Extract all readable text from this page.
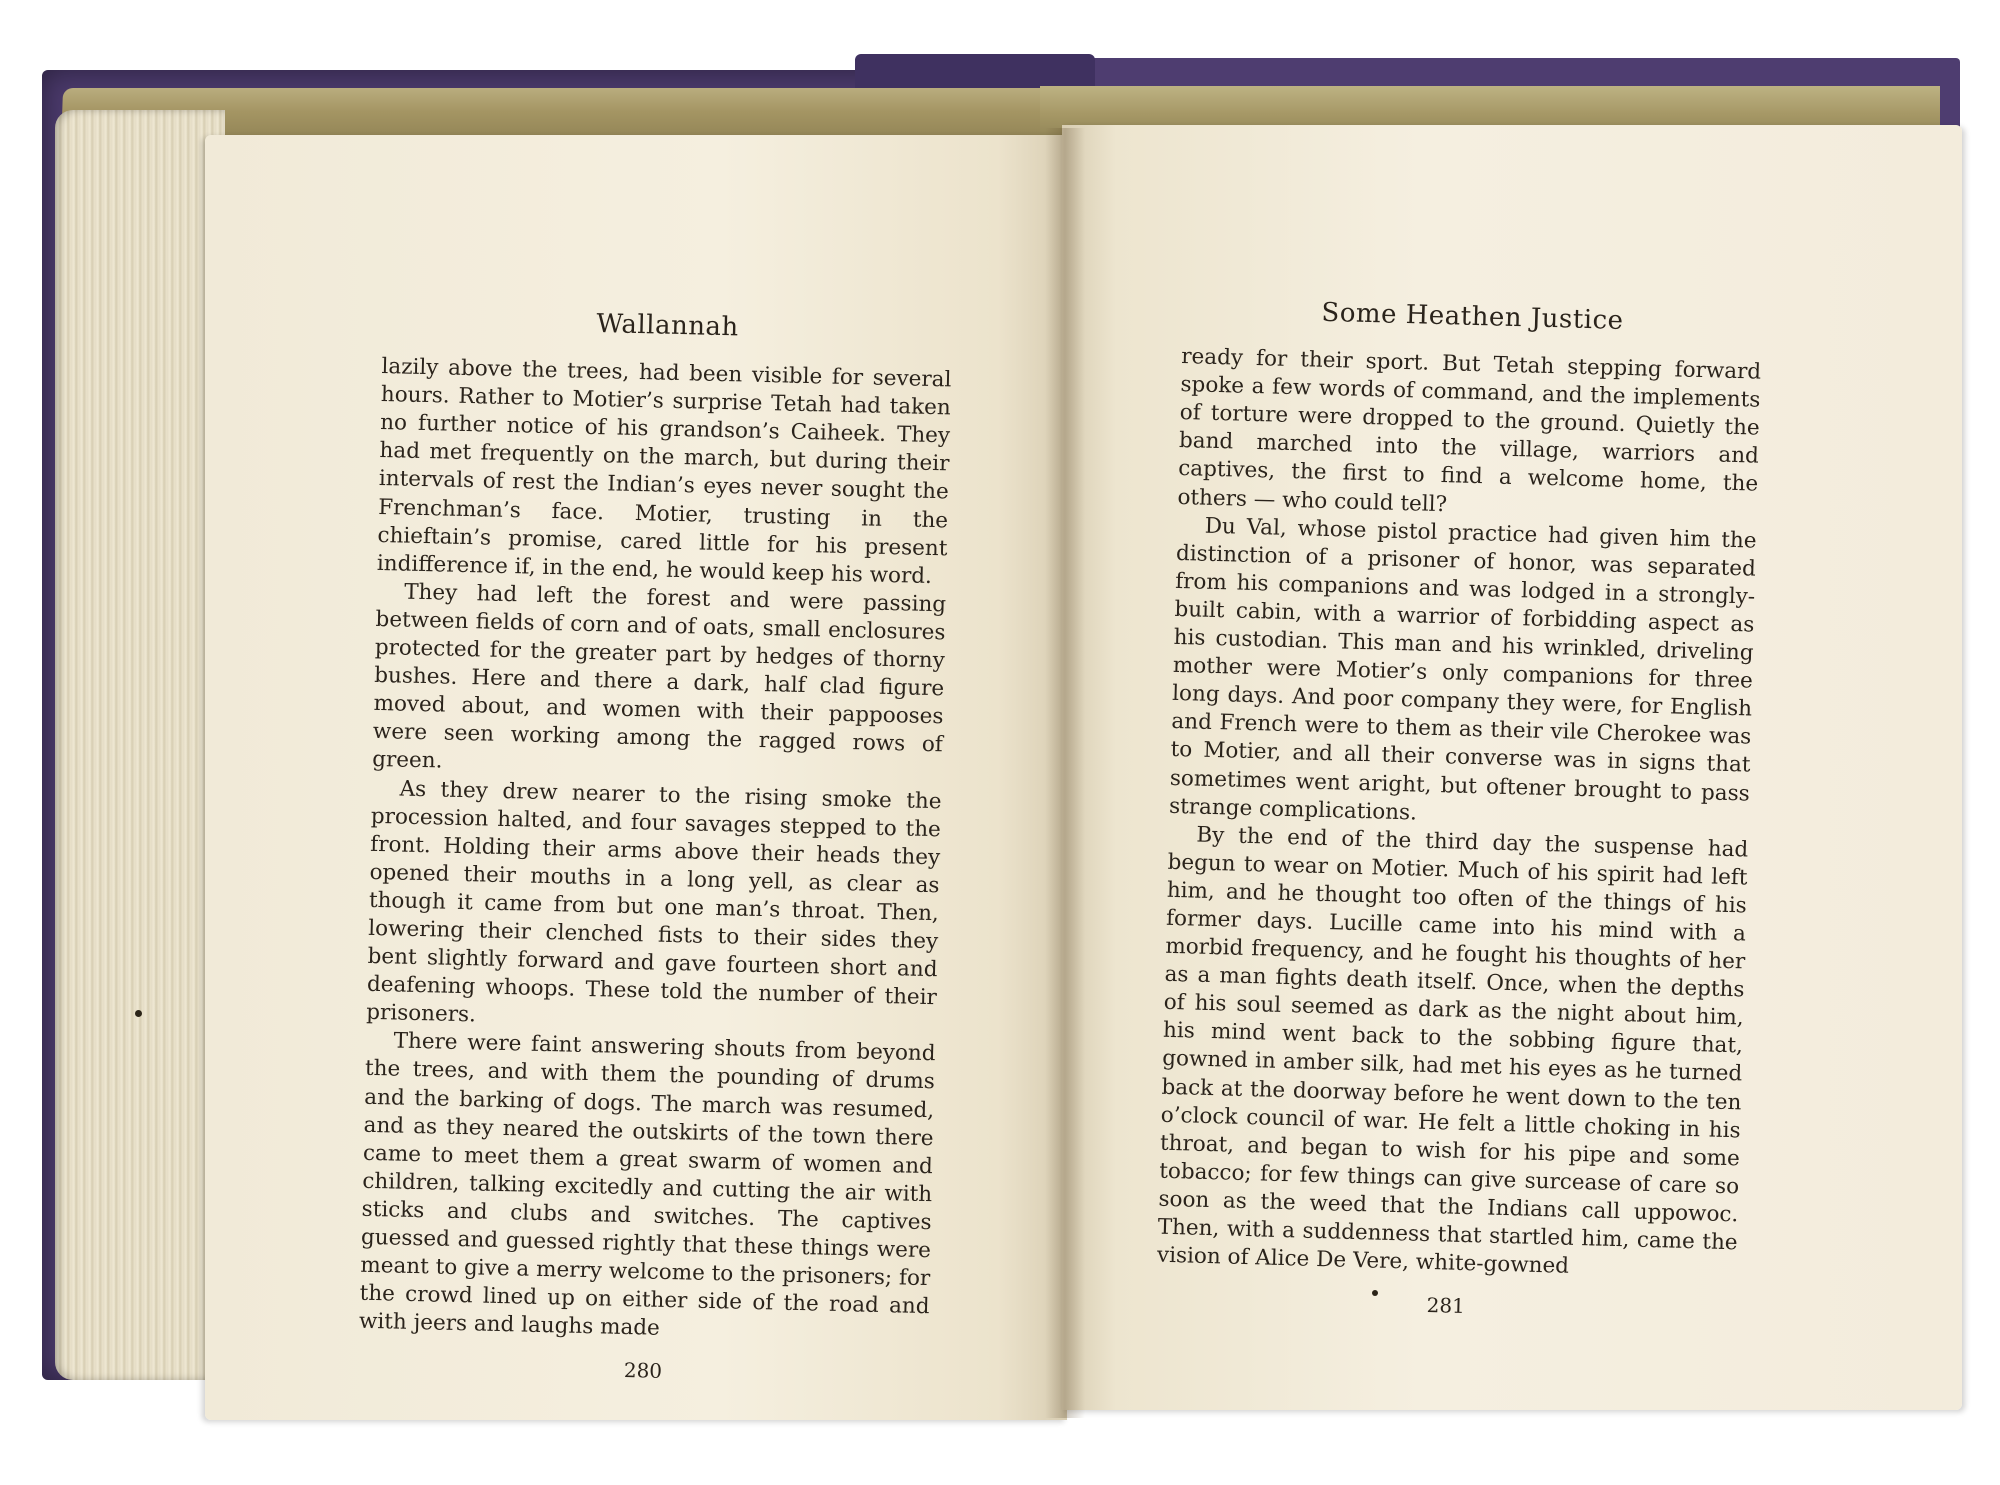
Wallannah

lazily above the trees, had been visible for several hours. Rather to Motier’s surprise Tetah had taken no further notice of his grandson’s Caiheek. They had met frequently on the march, but during their intervals of rest the Indian’s eyes never sought the Frenchman’s face. Motier, trusting in the chieftain’s promise, cared little for his present indifference if, in the end, he would keep his word.

They had left the forest and were passing between fields of corn and of oats, small enclosures protected for the greater part by hedges of thorny bushes. Here and there a dark, half clad figure moved about, and women with their pappooses were seen working among the ragged rows of green.

As they drew nearer to the rising smoke the procession halted, and four savages stepped to the front. Holding their arms above their heads they opened their mouths in a long yell, as clear as though it came from but one man’s throat. Then, lowering their clenched fists to their sides they bent slightly forward and gave fourteen short and deafening whoops. These told the number of their prisoners.

There were faint answering shouts from beyond the trees, and with them the pounding of drums and the barking of dogs. The march was resumed, and as they neared the outskirts of the town there came to meet them a great swarm of women and children, talking excitedly and cutting the air with sticks and clubs and switches. The captives guessed and guessed rightly that these things were meant to give a merry welcome to the prisoners; for the crowd lined up on either side of the road and with jeers and laughs made

280
Some Heathen Justice

ready for their sport. But Tetah stepping forward spoke a few words of command, and the implements of torture were dropped to the ground. Quietly the band marched into the village, warriors and captives, the first to find a welcome home, the others — who could tell?

Du Val, whose pistol practice had given him the distinction of a prisoner of honor, was separated from his companions and was lodged in a strongly-built cabin, with a warrior of forbidding aspect as his custodian. This man and his wrinkled, driveling mother were Motier’s only companions for three long days. And poor company they were, for English and French were to them as their vile Cherokee was to Motier, and all their converse was in signs that sometimes went aright, but oftener brought to pass strange complications.

By the end of the third day the suspense had begun to wear on Motier. Much of his spirit had left him, and he thought too often of the things of his former days. Lucille came into his mind with a morbid frequency, and he fought his thoughts of her as a man fights death itself. Once, when the depths of his soul seemed as dark as the night about him, his mind went back to the sobbing figure that, gowned in amber silk, had met his eyes as he turned back at the doorway before he went down to the ten o’clock council of war. He felt a little choking in his throat, and began to wish for his pipe and some tobacco; for few things can give surcease of care so soon as the weed that the Indians call uppowoc. Then, with a suddenness that startled him, came the vision of Alice De Vere, white-gowned

281
